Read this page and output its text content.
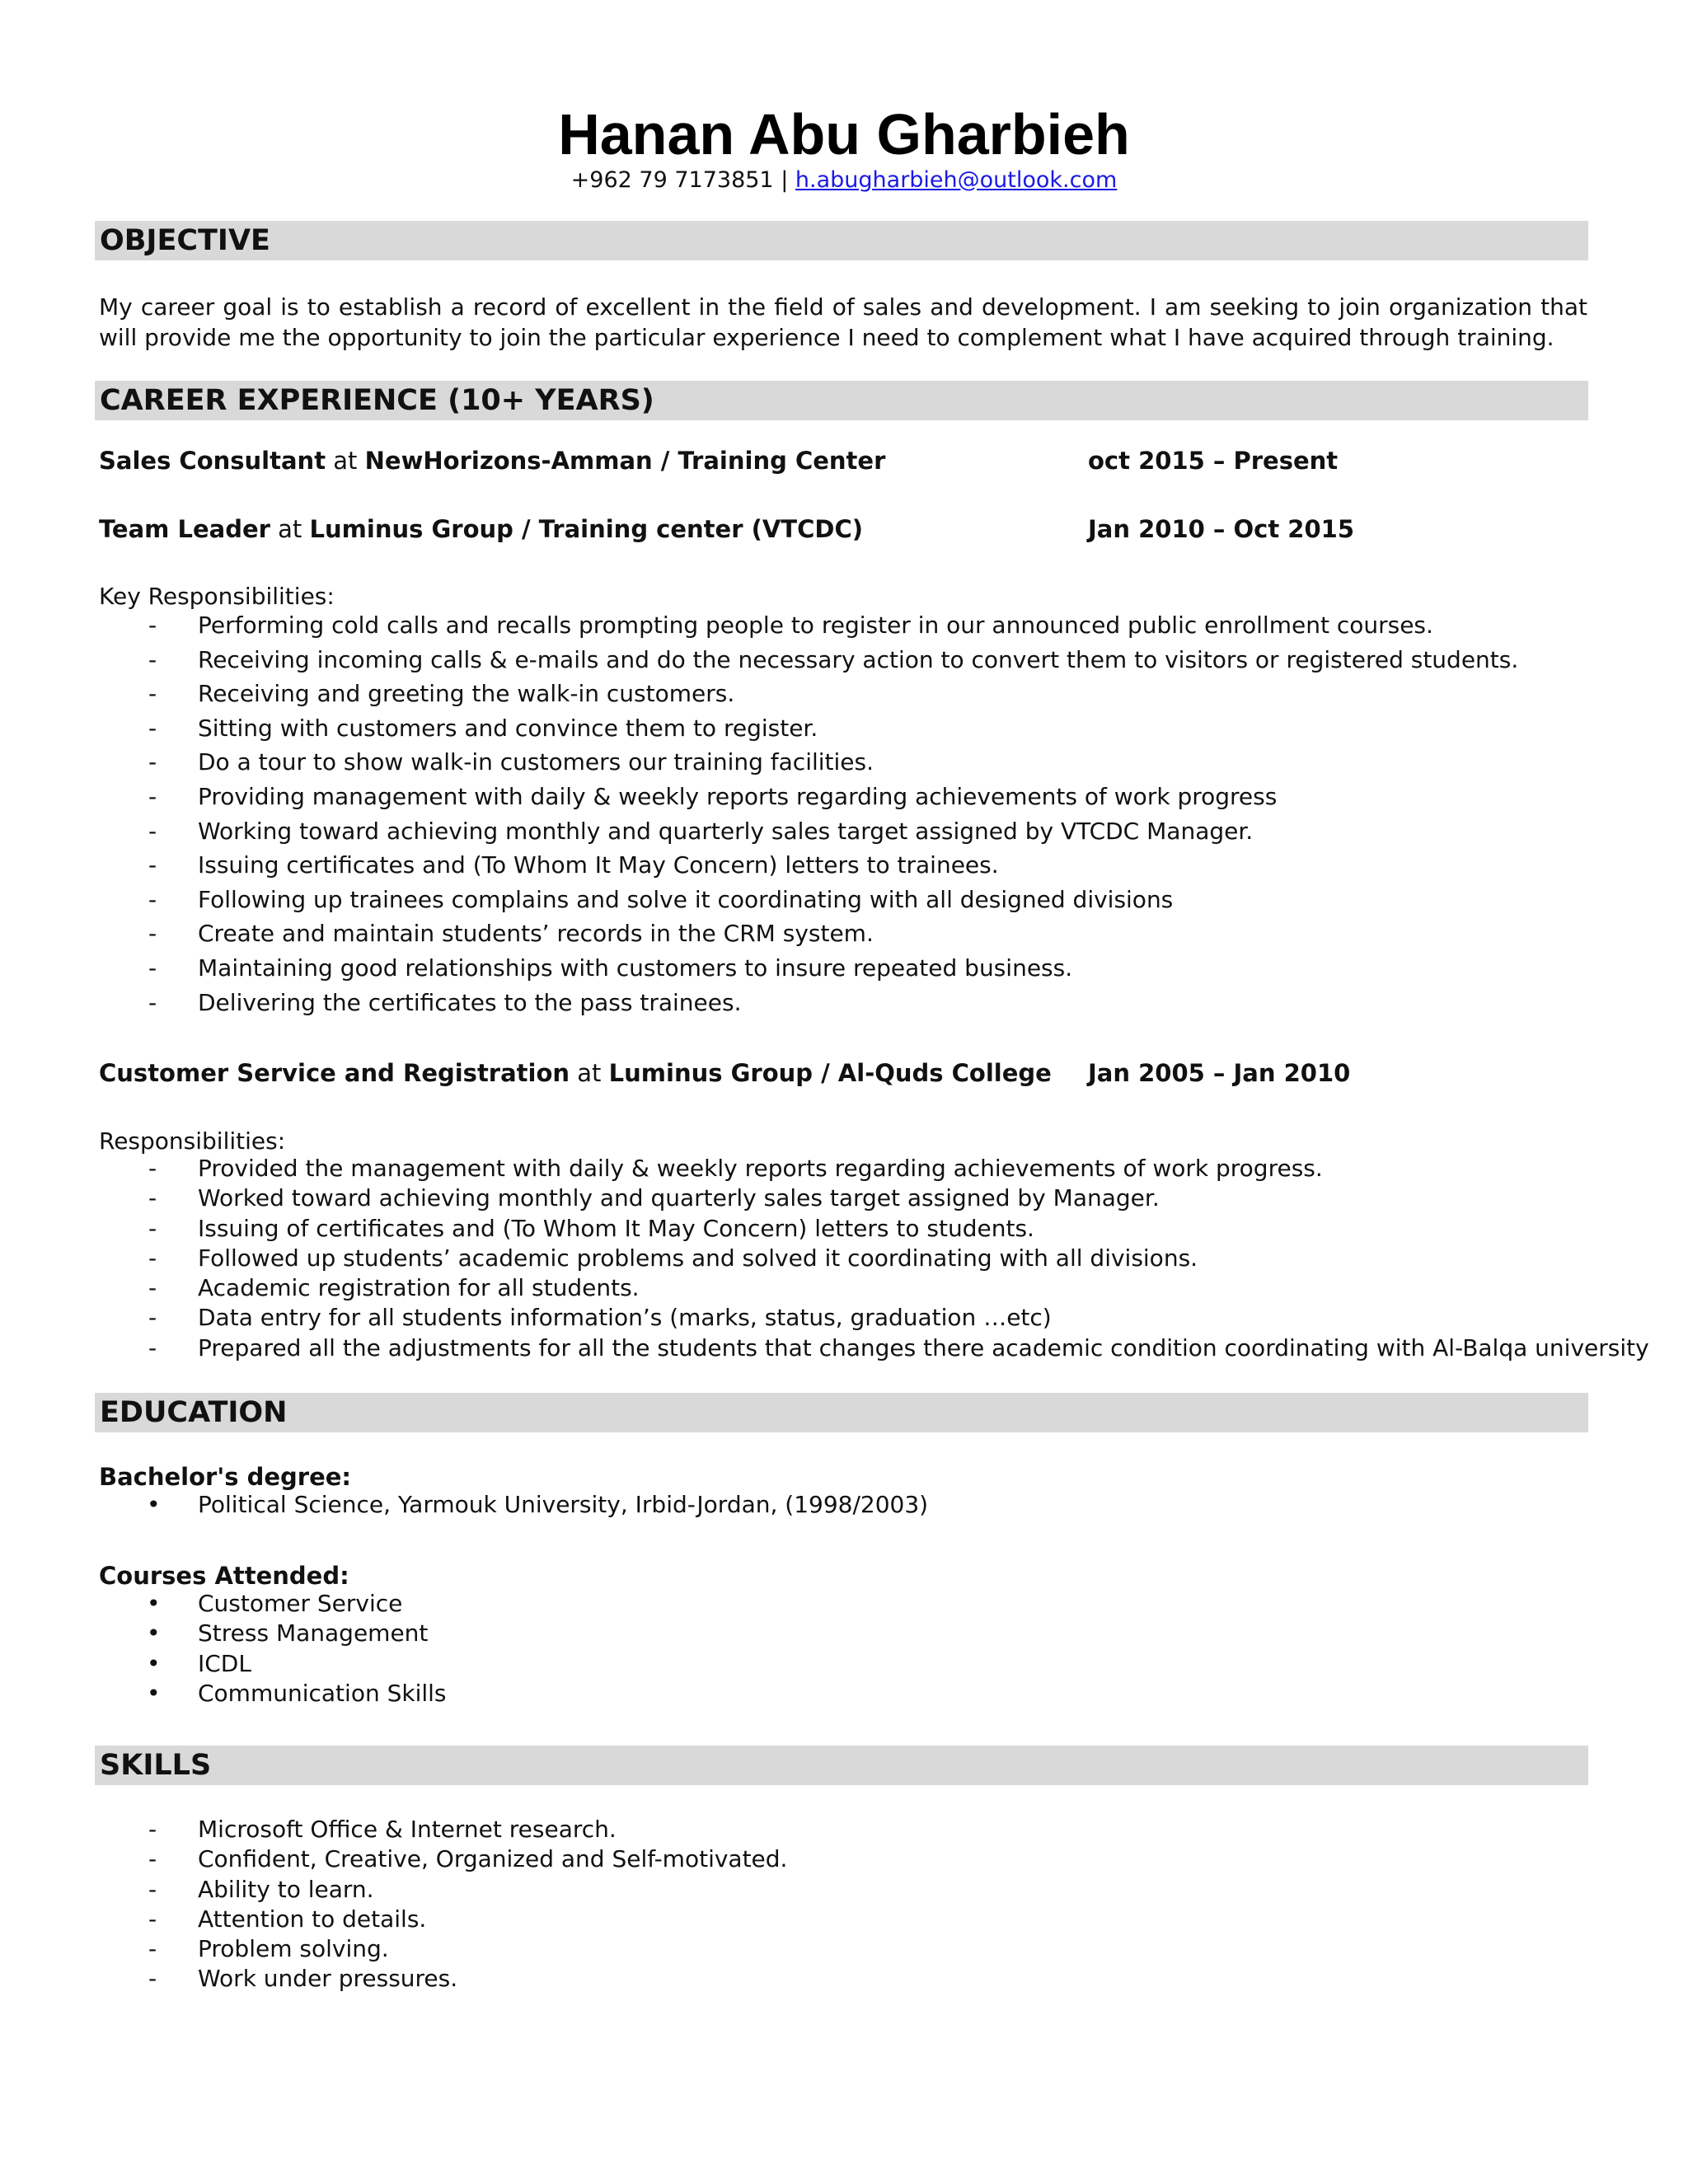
Hanan Abu Gharbieh
+962 79 7173851 | h.abugharbieh@outlook.com
OBJECTIVE
My career goal is to establish a record of excellent in the field of sales and development. I am seeking to join organization that will provide me the opportunity to join the particular experience I need to complement what I have acquired through training.
CAREER EXPERIENCE (10+ YEARS)
Sales Consultant at NewHorizons-Amman / Training Center	oct 2015 – Present
Team Leader at Luminus Group / Training center (VTCDC)	Jan 2010 – Oct 2015
Key Responsibilities:
- Performing cold calls and recalls prompting people to register in our announced public enrollment courses.
- Receiving incoming calls & e-mails and do the necessary action to convert them to visitors or registered students.
- Receiving and greeting the walk-in customers.
- Sitting with customers and convince them to register.
- Do a tour to show walk-in customers our training facilities.
- Providing management with daily & weekly reports regarding achievements of work progress
- Working toward achieving monthly and quarterly sales target assigned by VTCDC Manager.
- Issuing certificates and (To Whom It May Concern) letters to trainees.
- Following up trainees complains and solve it coordinating with all designed divisions
- Create and maintain students’ records in the CRM system.
- Maintaining good relationships with customers to insure repeated business.
- Delivering the certificates to the pass trainees.
Customer Service and Registration at Luminus Group / Al-Quds College Jan 2005 – Jan 2010
Responsibilities:
- Provided the management with daily & weekly reports regarding achievements of work progress.
- Worked toward achieving monthly and quarterly sales target assigned by Manager.
- Issuing of certificates and (To Whom It May Concern) letters to students.
- Followed up students’ academic problems and solved it coordinating with all divisions.
- Academic registration for all students.
- Data entry for all students information’s (marks, status, graduation …etc)
- Prepared all the adjustments for all the students that changes there academic condition coordinating with Al-Balqa university
EDUCATION
Bachelor's degree:
• Political Science, Yarmouk University, Irbid-Jordan, (1998/2003)
Courses Attended:
• Customer Service
• Stress Management
• ICDL
• Communication Skills
SKILLS
- Microsoft Office & Internet research.
- Confident, Creative, Organized and Self-motivated.
- Ability to learn.
- Attention to details.
- Problem solving.
- Work under pressures.
